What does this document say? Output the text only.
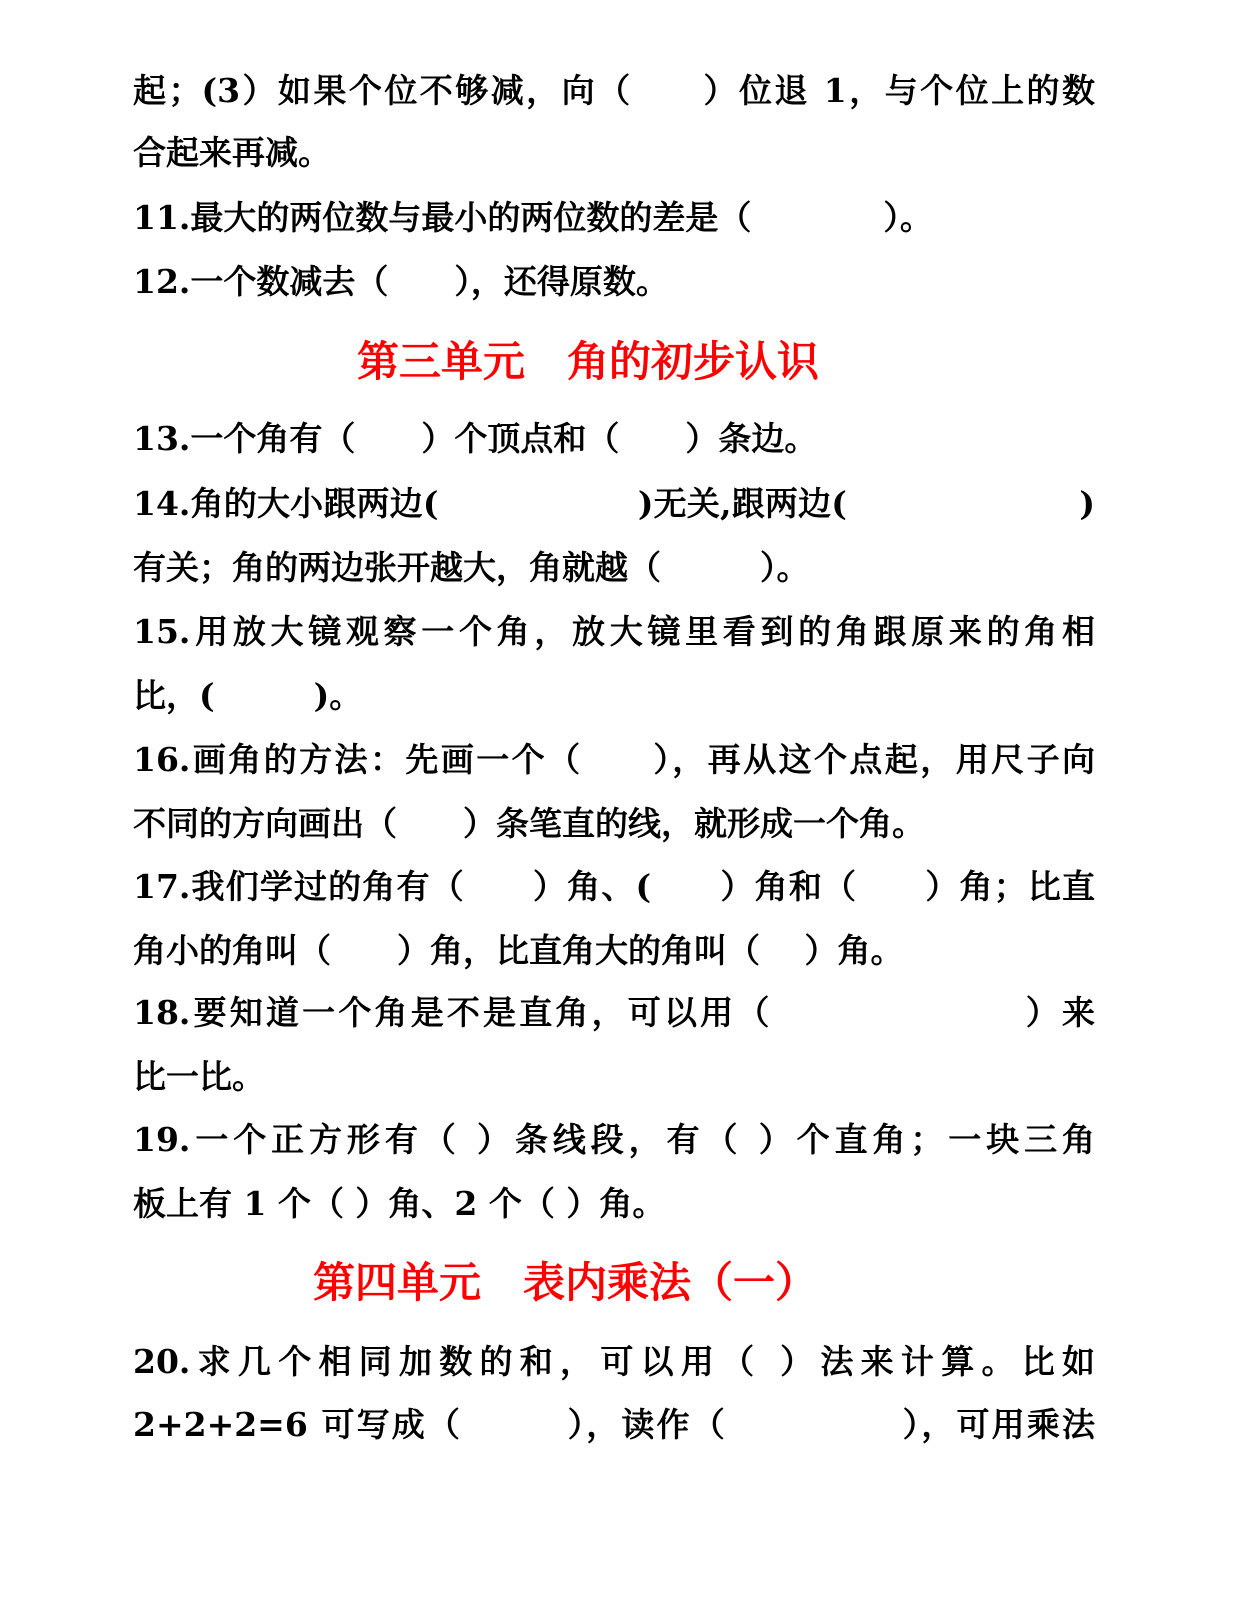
起；(3）如果个位不够减，向（　　）位退 1，与个位上的数
合起来再减。
11.最大的两位数与最小的两位数的差是（　　　　）。
12.一个数减去（　　），还得原数。
第三单元　角的初步认识
13.一个角有（　　）个顶点和（　　）条边。
14.角的大小跟两边(　　　　　　)无关,跟两边(　　　　　　　)
有关；角的两边张开越大，角就越（　　　）。
15.用放大镜观察一个角，放大镜里看到的角跟原来的角相
比，(　　　)。
16.画角的方法：先画一个（　　），再从这个点起，用尺子向
不同的方向画出（　　）条笔直的线，就形成一个角。
17.我们学过的角有（　　）角、(　　）角和（　　）角；比直
角小的角叫（　　）角，比直角大的角叫（　 ）角。
18.要知道一个角是不是直角，可以用（　　　　　　　）来
比一比。
19.一个正方形有（ ）条线段，有（ ）个直角；一块三角
板上有 1 个（ ）角、2 个（ ）角。
第四单元　表内乘法（一）
20.求几个相同加数的和，可以用（ ）法来计算。比如
2+2+2=6 可写成（　　　），读作（　　　　　），可用乘法
